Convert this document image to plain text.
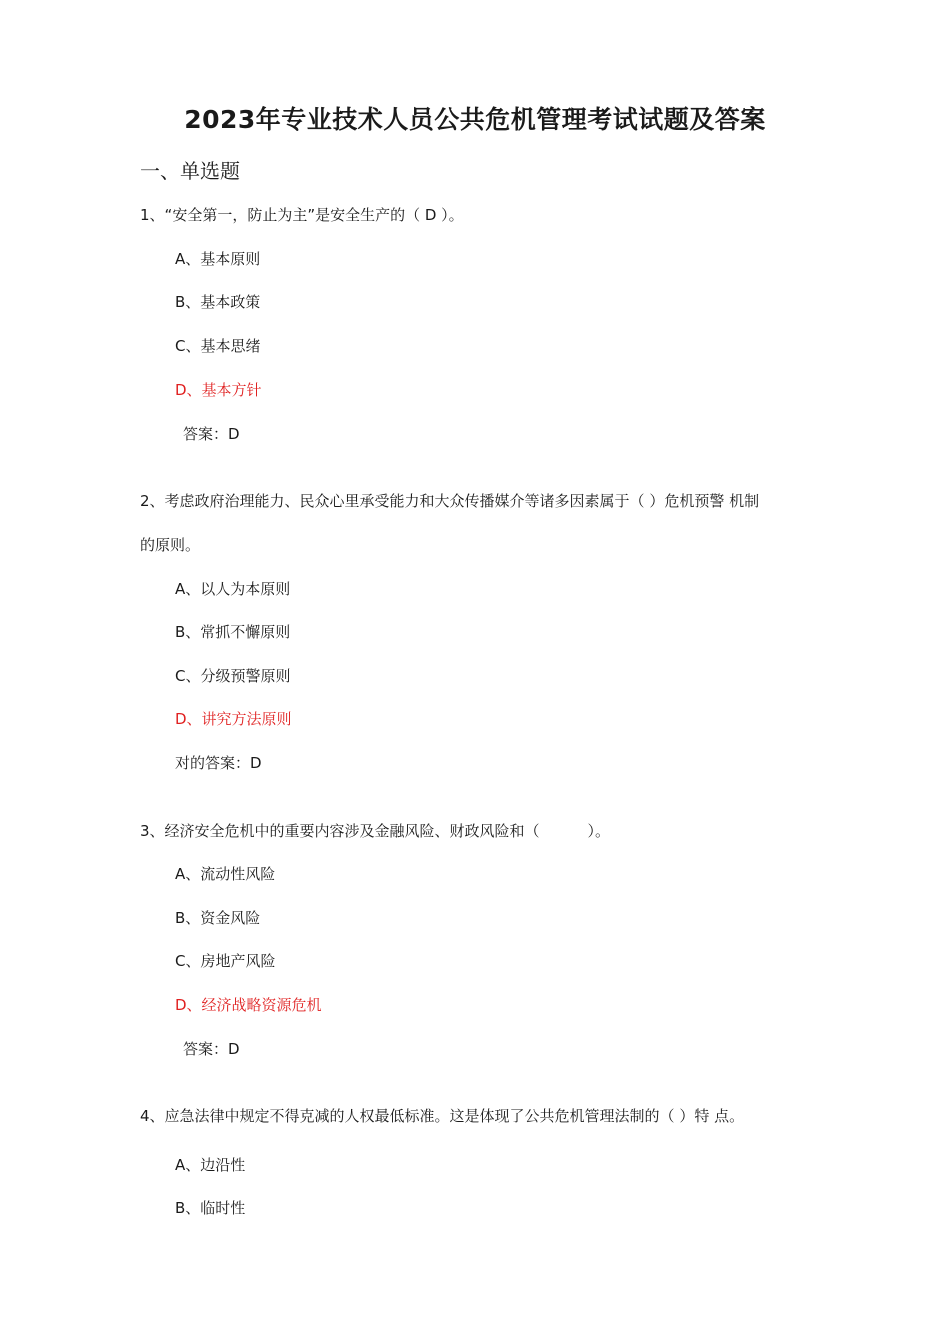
2023年专业技术人员公共危机管理考试试题及答案
一、单选题
1、“安全第一，防止为主”是安全生产的（ D ）。
A、基本原则
B、基本政策
C、基本思绪
D、基本方针
答案：D
2、考虑政府治理能力、民众心里承受能力和大众传播媒介等诸多因素属于（ ）危机预警 机制
的原则。
A、以人为本原则
B、常抓不懈原则
C、分级预警原则
D、讲究方法原则
对的答案：D
3、经济安全危机中的重要内容涉及金融风险、财政风险和（	）。
A、流动性风险
B、资金风险
C、房地产风险
D、经济战略资源危机
答案：D
4、应急法律中规定不得克减的人权最低标准。这是体现了公共危机管理法制的（ ）特 点。
A、边沿性
B、临时性
